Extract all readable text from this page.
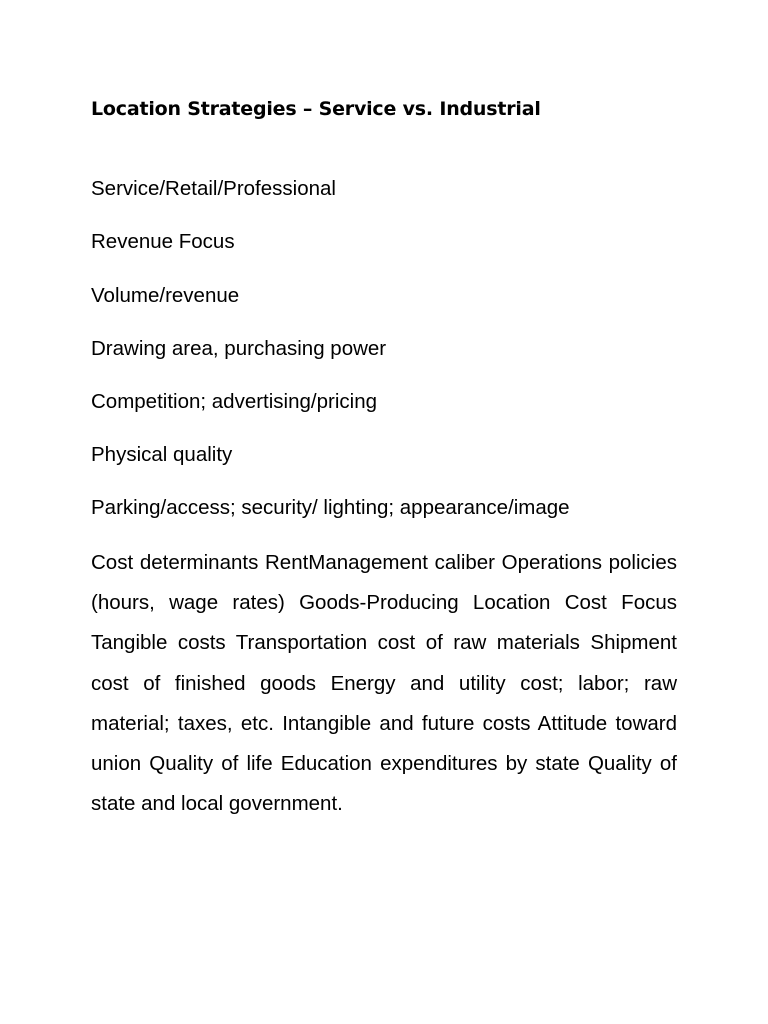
Location Strategies – Service vs. Industrial

Service/Retail/Professional

Revenue Focus

Volume/revenue

Drawing area, purchasing power

Competition; advertising/pricing

Physical quality

Parking/access; security/ lighting; appearance/image

Cost determinants RentManagement caliber Operations policies (hours, wage rates) Goods-Producing Location Cost Focus Tangible costs Transportation cost of raw materials Shipment cost of finished goods Energy and utility cost; labor; raw material; taxes, etc. Intangible and future costs Attitude toward union Quality of life Education expenditures by state Quality of state and local government.
